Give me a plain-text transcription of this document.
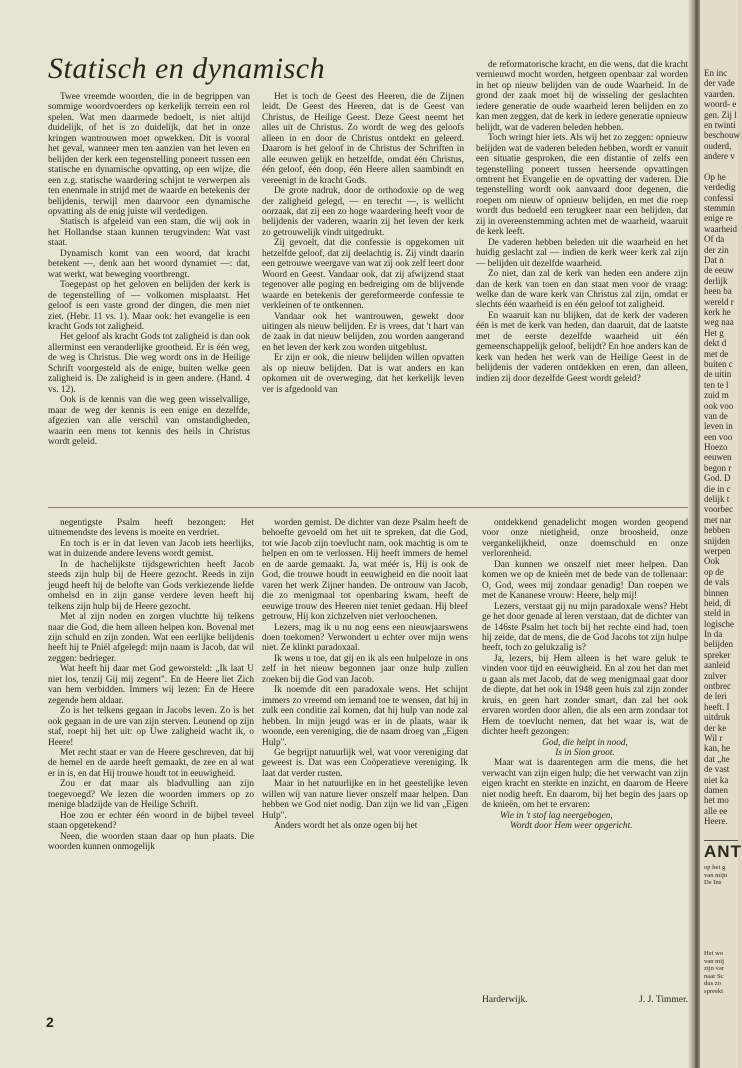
Statisch en dynamisch

Twee vreemde woorden, die in de begrippen van sommige woordvoerders op kerkelijk terrein een rol spelen. Wat men daarmede bedoelt, is niet altijd duidelijk, of het is zo duidelijk, dat het in onze kringen wantrouwen moet opwekken. Dit is vooral het geval, wanneer men ten aanzien van het leven en belijden der kerk een tegenstelling poneert tussen een statische en dynamische opvatting, op een wijze, die een z.g. statische waardering schijnt te verwerpen als ten enenmale in strijd met de waarde en betekenis der belijdenis, terwijl men daarvoor een dynamische opvatting als de enig juiste wil verdedigen.

Statisch is afgeleid van een stam, die wij ook in het Hollandse staan kunnen terugvinden: Wat vast staat.

Dynamisch komt van een woord, dat kracht betekent —, denk aan het woord dynamiet —: dat, wat werkt, wat beweging voortbrengt.

Toegepast op het geloven en belijden der kerk is de tegenstelling of — volkomen misplaatst. Het geloof is een vaste grond der dingen, die men niet ziet. (Hebr. 11 vs. 1). Maar ook: het evangelie is een kracht Gods tot zaligheid.

Het geloof als kracht Gods tot zaligheid is dan ook allerminst een veranderlijke grootheid. Er is één weg, de weg is Christus. Die weg wordt ons in de Heilige Schrift voorgesteld als de enige, buiten welke geen zaligheid is. De zaligheid is in geen andere. (Hand. 4 vs. 12).

Ook is de kennis van die weg geen wisselvallige, maar de weg der kennis is een enige en dezelfde, afgezien van alle verschil van omstandigheden, waarin een mens tot kennis des heils in Christus wordt geleid.

Het is toch de Geest des Heeren, die de Zijnen leidt. De Geest des Heeren, dat is de Geest van Christus, de Heilige Geest. Deze Geest neemt het alles uit de Christus. Zo wordt de weg des geloofs alleen in en door de Christus ontdekt en geleerd. Daarom is het geloof in de Christus der Schriften in alle eeuwen gelijk en hetzelfde, omdat één Christus, één geloof, één doop, één Heere allen saambindt en vereenigt in de kracht Gods.

De grote nadruk, door de orthodoxie op de weg der zaligheid gelegd, — en terecht —, is wellicht oorzaak, dat zij een zo hoge waardering heeft voor de belijdenis der vaderen, waarin zij het leven der kerk zo getrouwelijk vindt uitgedrukt.

Zij gevoelt, dat die confessie is opgekomen uit hetzelfde geloof, dat zij deelachtig is. Zij vindt daarin een getrouwe weergave van wat zij ook zelf leert door Woord en Geest. Vandaar ook, dat zij afwijzend staat tegenover alle poging en bedreiging om de blijvende waarde en betekenis der gereformeerde confessie te verkleinen of te ontkennen.

Vandaar ook het wantrouwen, gewekt door uitingen als nieuw belijden. Er is vrees, dat 't hart van de zaak in dat nieuw belijden, zou worden aangerand en het leven der kerk zou worden uitgeblust.

Er zijn er ook, die nieuw belijden willen opvatten als op nieuw belijden. Dat is wat anders en kan opkomen uit de overweging, dat het kerkelijk leven ver is afgedoold van

de reformatorische kracht, en die wens, dat die kracht vernieuwd mocht worden, hetgeen openbaar zal worden in het op nieuw belijden van de oude Waarheid. In de grond der zaak moet bij de wisseling der geslachten iedere generatie de oude waarheid leren belijden en zo kan men zeggen, dat de kerk in iedere generatie opnieuw belijdt, wat de vaderen beleden hebben.

Toch wringt hier iets. Als wij het zo zeggen: opnieuw belijden wat de vaderen beleden hebben, wordt er vanuit een situatie gesproken, die een distantie of zelfs een tegenstelling poneert tussen heersende opvattingen omtrent het Evangelie en de opvatting der vaderen. Die tegenstelling wordt ook aanvaard door degenen, die roepen om nieuw of opnieuw belijden, en met die roep wordt dus bedoeld een terugkeer naar een belijden, dat zij in overeenstemming achten met de waarheid, waaruit de kerk leeft.

De vaderen hebben beleden uit die waarheid en het huidig geslacht zal — indien de kerk weer kerk zal zijn — belijden uit dezelfde waarheid.

Zo niet, dan zal de kerk van heden een andere zijn dan de kerk van toen en dan staat men voor de vraag: welke dan de ware kerk van Christus zal zijn, omdat er slechts één waarheid is en één geloof tot zaligheid.

En waaruit kan nu blijken, dat de kerk der vaderen één is met de kerk van heden, dan daaruit, dat de laatste met de eerste dezelfde waarheid uit één gemeenschappelijk geloof, belijdt? En hoe anders kan de kerk van heden het werk van de Heilige Geest in de belijdenis der vaderen ontdekken en eren, dan alleen, indien zij door dezelfde Geest wordt geleid?

negentigste Psalm heeft bezongen: Het uitnemendste des levens is moeite en verdriet.

En toch is er in dat leven van Jacob iets heerlijks, wat in duizende andere levens wordt gemist.

In de hachelijkste tijdsgewrichten heeft Jacob steeds zijn hulp bij de Heere gezocht. Reeds in zijn jeugd heeft hij de belofte van Gods verkiezende liefde omhelsd en in zijn ganse verdere leven heeft hij telkens zijn hulp bij de Heere gezocht.

Met al zijn noden en zorgen vluchtte hij telkens naar die God, die hem alleen helpen kon. Bovenal met zijn schuld en zijn zonden. Wat een eerlijke belijdenis heeft hij te Pniël afgelegd: mijn naam is Jacob, dat wil zeggen: bedrieger.

Wat heeft hij daar met God geworsteld: „Ik laat U niet los, tenzij Gij mij zegent". En de Heere liet Zich van hem verbidden. Immers wij lezen: En de Heere zegende hem aldaar.

Zo is het telkens gegaan in Jacobs leven. Zo is het ook gegaan in de ure van zijn sterven. Leunend op zijn staf, roept hij het uit: op Uwe zaligheid wacht ik, o Heere!

Met recht staat er van de Heere geschreven, dat hij de hemel en de aarde heeft gemaakt, de zee en al wat er in is, en dat Hij trouwe houdt tot in eeuwigheid.

Zou er dat maar als bladvulling aan zijn toegevoegd? We lezen die woorden immers op zo menige bladzijde van de Heilige Schrift.

Hoe zou er echter één woord in de bijbel teveel staan opgetekend?

Neen, die woorden staan daar op hun plaats. Die woorden kunnen onmogelijk

worden gemist. De dichter van deze Psalm heeft de behoefte gevoeld om het uit te spreken, dat die God, tot wie Jacob zijn toevlucht nam, ook machtig is om te helpen en om te verlossen. Hij heeft immers de hemel en de aarde gemaakt. Ja, wat méér is, Hij is ook de God, die trouwe houdt in eeuwigheid en die nooit laat varen het werk Zijner handen. De ontrouw van Jacob, die zo menigmaal tot openbaring kwam, heeft de eeuwige trouw des Heeren niet teniet gedaan. Hij bleef getrouw, Hij kon zichzelven niet verloochenen.

Lezers, mag ik u nu nog eens een nieuwjaarswens doen toekomen? Verwondert u echter over mijn wens niet. Ze klinkt paradoxaal.

Ik wens u toe, dat gij en ik als een hulpeloze in ons zelf in het nieuw begonnen jaar onze hulp zullen zoeken bij die God van Jacob.

Ik noemde dit een paradoxale wens. Het schijnt immers zo vreemd om iemand toe te wensen, dat hij in zulk een conditie zal komen, dat hij hulp van node zal hebben. In mijn jeugd was er in de plaats, waar ik woonde, een vereniging, die de naam droeg van „Eigen Hulp".

Ge begrijpt natuurlijk wel, wat voor vereniging dat geweest is. Dat was een Coöperatieve vereniging. Ik laat dat verder rusten.

Maar in het natuurlijke en in het geestelijke leven willen wij van nature liever onszelf maar helpen. Dan hebben we God niet nodig. Dan zijn we lid van „Eigen Hulp".

Anders wordt het als onze ogen bij het

ontdekkend genadelicht mogen worden geopend voor onze nietigheid, onze broosheid, onze vergankelijkheid, onze doemschuld en onze verlorenheid.

Dan kunnen we onszelf niet meer helpen. Dan komen we op de knieën met de bede van de tollenaar: O, God, wees mij zondaar genadig! Dan roepen we met de Kananese vrouw: Heere, help mij!

Lezers, verstaat gij nu mijn paradoxale wens? Hebt ge het door genade al leren verstaan, dat de dichter van de 146ste Psalm het toch bij het rechte eind had, toen hij zeide, dat de mens, die de God Jacobs tot zijn hulpe heeft, toch zo gelukzalig is?

Ja, lezers, bij Hem alleen is het ware geluk te vinden voor tijd en eeuwigheid. En al zou het dan met u gaan als met Jacob, dat de weg menigmaal gaat door de diepte, dat het ook in 1948 geen huis zal zijn zonder kruis, en geen hart zonder smart, dan zal het ook ervaren worden door allen, die als een arm zondaar tot Hem de toevlucht nemen, dat het waar is, wat de dichter heeft gezongen:

God, die helpt in nood,
Is in Sion groot.

Maar wat is daarentegen arm die mens, die het verwacht van zijn eigen hulp; die het verwacht van zijn eigen kracht en sterkte en inzicht, en daarom de Heere niet nodig heeft. En daarom, bij het begin des jaars op de knieën, om het te ervaren:

Wie in 't stof lag neergebogen,
Wordt door Hem weer opgericht.

Harderwijk.	J. J. Timmer.
2
En inc
der vade
vaarden.
woord- e
gen. Zij l
en twinti
beschouw
ouderd,
andere v
Op he
verdedig
confessi
stemmin
enige re
waarheid
Of da
der zin
Dat n
de eeuw
derlijk
heen ba
wereld r
kerk he
weg naa
Het g
dekt d
met de
buiten c
de uitin
ten te l
zuid m
ook voo
van de
leven in
een voo
Hoezo
eeuwen
begon r
God. D
die in c
delijk t
voorbec
met nar
hebben
snijden
werpen
Ook
op de
de vals
binnen
heid, di
steld in
logische
In da
belijden
spreker
aanleid
zulver
ontbrec
de leri
heeft. I
uitdruk
der ke
Wil r
kan, he
dat „he
de vast
niet ka
damen
het mo
alle ee
Heere.
ANT
op het g
van mijn
De Ins
Het wo
van mij
zijn var
naar Sc
dus zo
spreekt
